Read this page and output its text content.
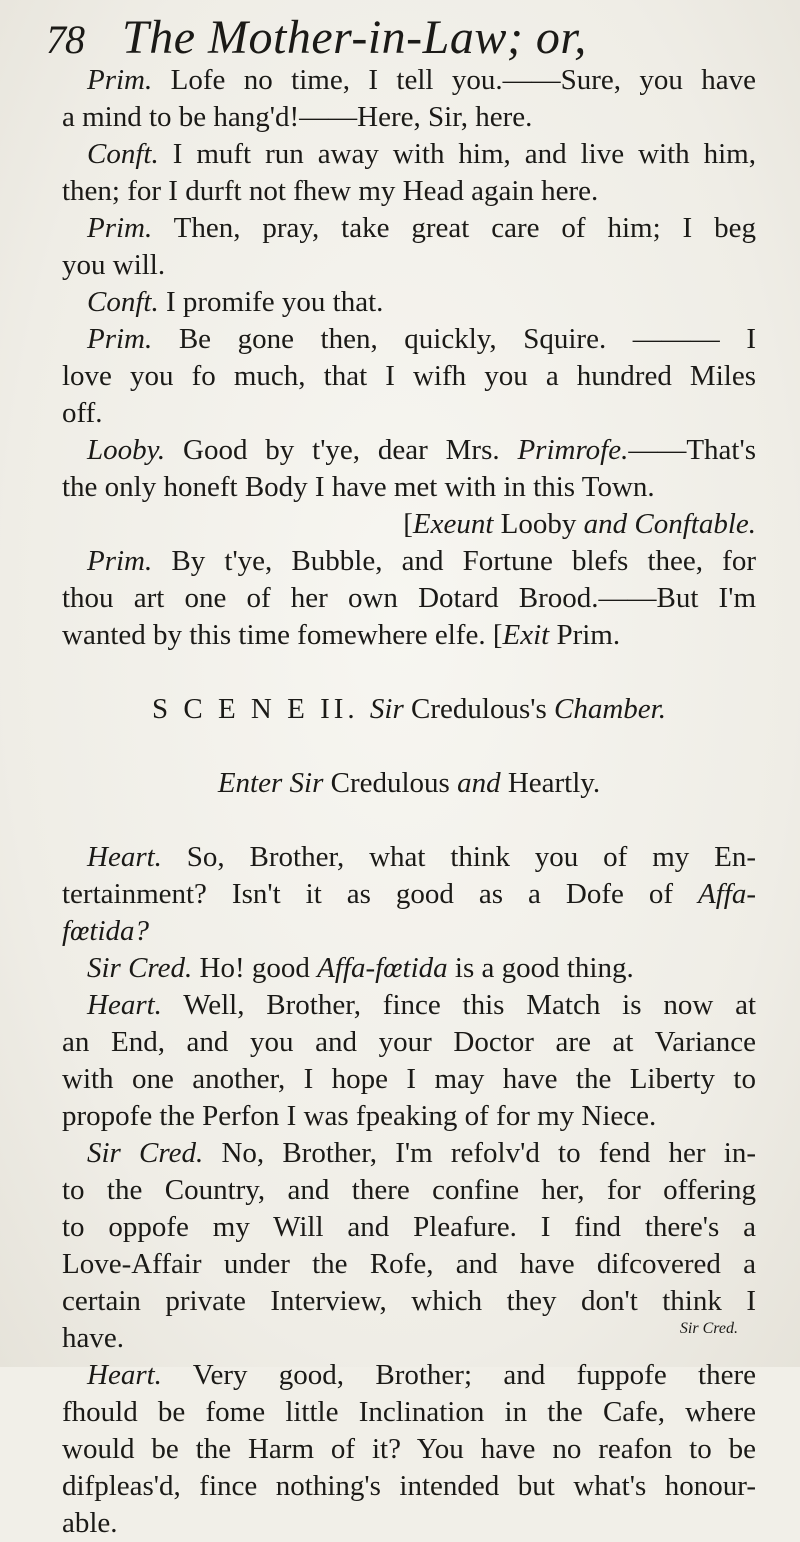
78 The Mother-in-Law; or,
Prim. Lofe no time, I tell you.——Sure, you have
a mind to be hang'd!——Here, Sir, here.
Conft. I muft run away with him, and live with him,
then; for I durft not fhew my Head again here.
Prim. Then, pray, take great care of him; I beg
you will.
Conft. I promife you that.
Prim. Be gone then, quickly, Squire. ——— I
love you fo much, that I wifh you a hundred Miles
off.
Looby. Good by t'ye, dear Mrs. Primrofe.——That's
the only honeft Body I have met with in this Town.
[Exeunt Looby and Conftable.
Prim. By t'ye, Bubble, and Fortune blefs thee, for
thou art one of her own Dotard Brood.——But I'm
wanted by this time fomewhere elfe. [Exit Prim.
S C E N E II. Sir Credulous's Chamber.
Enter Sir Credulous and Heartly.
Heart. So, Brother, what think you of my En-
tertainment? Isn't it as good as a Dofe of Affa-
fœtida?
Sir Cred. Ho! good Affa-fœtida is a good thing.
Heart. Well, Brother, fince this Match is now at
an End, and you and your Doctor are at Variance
with one another, I hope I may have the Liberty to
propofe the Perfon I was fpeaking of for my Niece.
Sir Cred. No, Brother, I'm refolv'd to fend her in-
to the Country, and there confine her, for offering
to oppofe my Will and Pleafure. I find there's a
Love-Affair under the Rofe, and have difcovered a
certain private Interview, which they don't think I
have.
Heart. Very good, Brother; and fuppofe there
fhould be fome little Inclination in the Cafe, where
would be the Harm of it? You have no reafon to be
difpleas'd, fince nothing's intended but what's honour-
able.
Sir Cred.
